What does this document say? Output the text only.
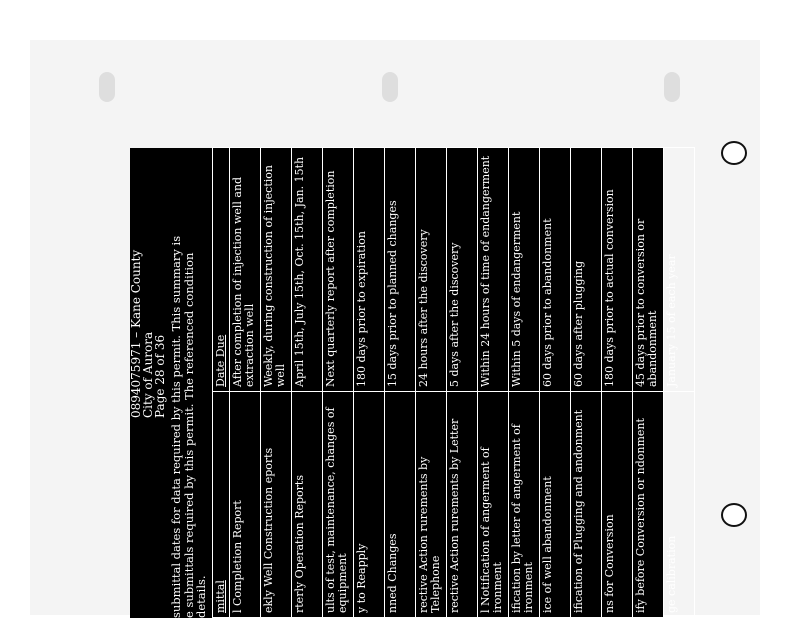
0894075971 – Kane County
City of Aurora
Page 28 of 36 submittal dates for data required by this permit. This summary is
e submittals required by this permit. The referenced condition
details. mittal	Date Due
l Completion Report	After completion of injection well and extraction well
ekly Well Construction eports	Weekly, during construction of injection well
rterly Operation Reports	April 15th, July 15th, Oct. 15th, Jan. 15th
ults of test, maintenance, changes of equipment	Next quarterly report after completion
y to Reapply	180 days prior to expiration
nned Changes	15 days prior to planned changes
rective Action rurements by Telephone	24 hours after the discovery
rective Action rurements by Letter	5 days after the discovery
l Notification of angerment of ironment	Within 24 hours of time of endangerment
ification by letter of angerment of ironment	Within 5 days of endangerment
ice of well abandonment	60 days prior to abandonment
ification of Plugging and andonment	60 days after plugging
ns for Conversion	180 days prior to actual conversion
ify before Conversion or ndonment	45 days prior to conversion or abandonment
ge calibration	January 15 of each year
